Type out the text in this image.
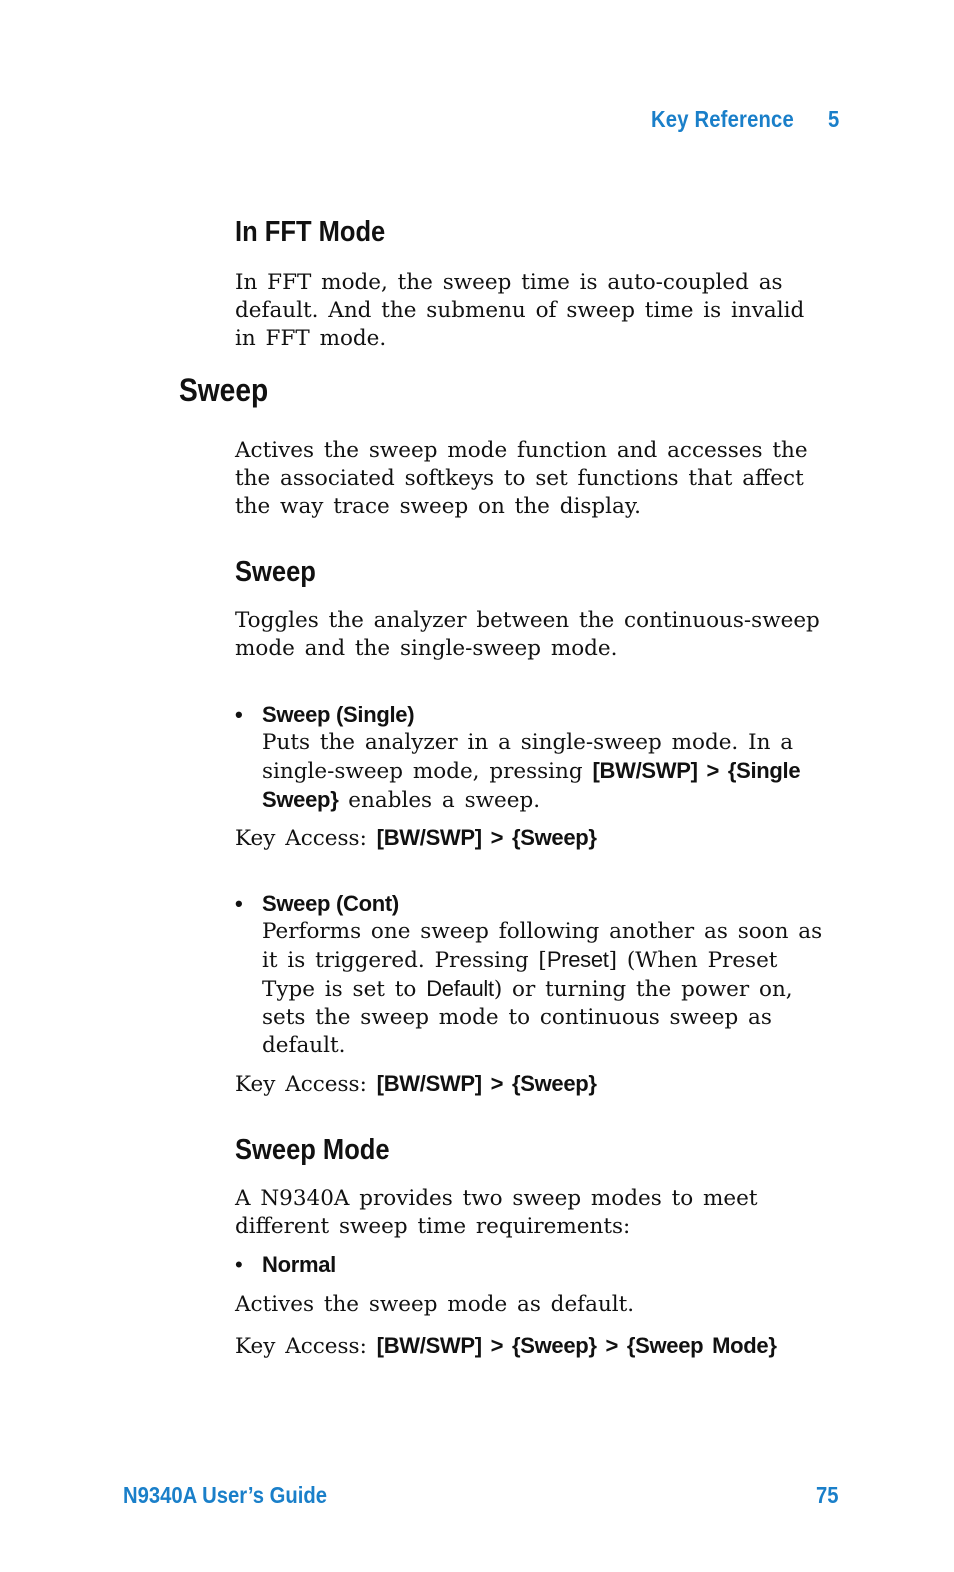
Key Reference 5
In FFT Mode
In FFT mode, the sweep time is auto-coupled as
default. And the submenu of sweep time is invalid
in FFT mode.
Sweep
Actives the sweep mode function and accesses the
the associated softkeys to set functions that affect
the way trace sweep on the display.
Sweep
Toggles the analyzer between the continuous-sweep
mode and the single-sweep mode.
• Sweep (Single)
Puts the analyzer in a single-sweep mode. In a
single-sweep mode, pressing [BW/SWP] > {Single
Sweep} enables a sweep.
Key Access: [BW/SWP] > {Sweep}
• Sweep (Cont)
Performs one sweep following another as soon as
it is triggered. Pressing [Preset] (When Preset
Type is set to Default) or turning the power on,
sets the sweep mode to continuous sweep as
default.
Key Access: [BW/SWP] > {Sweep}
Sweep Mode
A N9340A provides two sweep modes to meet
different sweep time requirements:
• Normal
Actives the sweep mode as default.
Key Access: [BW/SWP] > {Sweep} > {Sweep Mode}
N9340A User’s Guide	75
